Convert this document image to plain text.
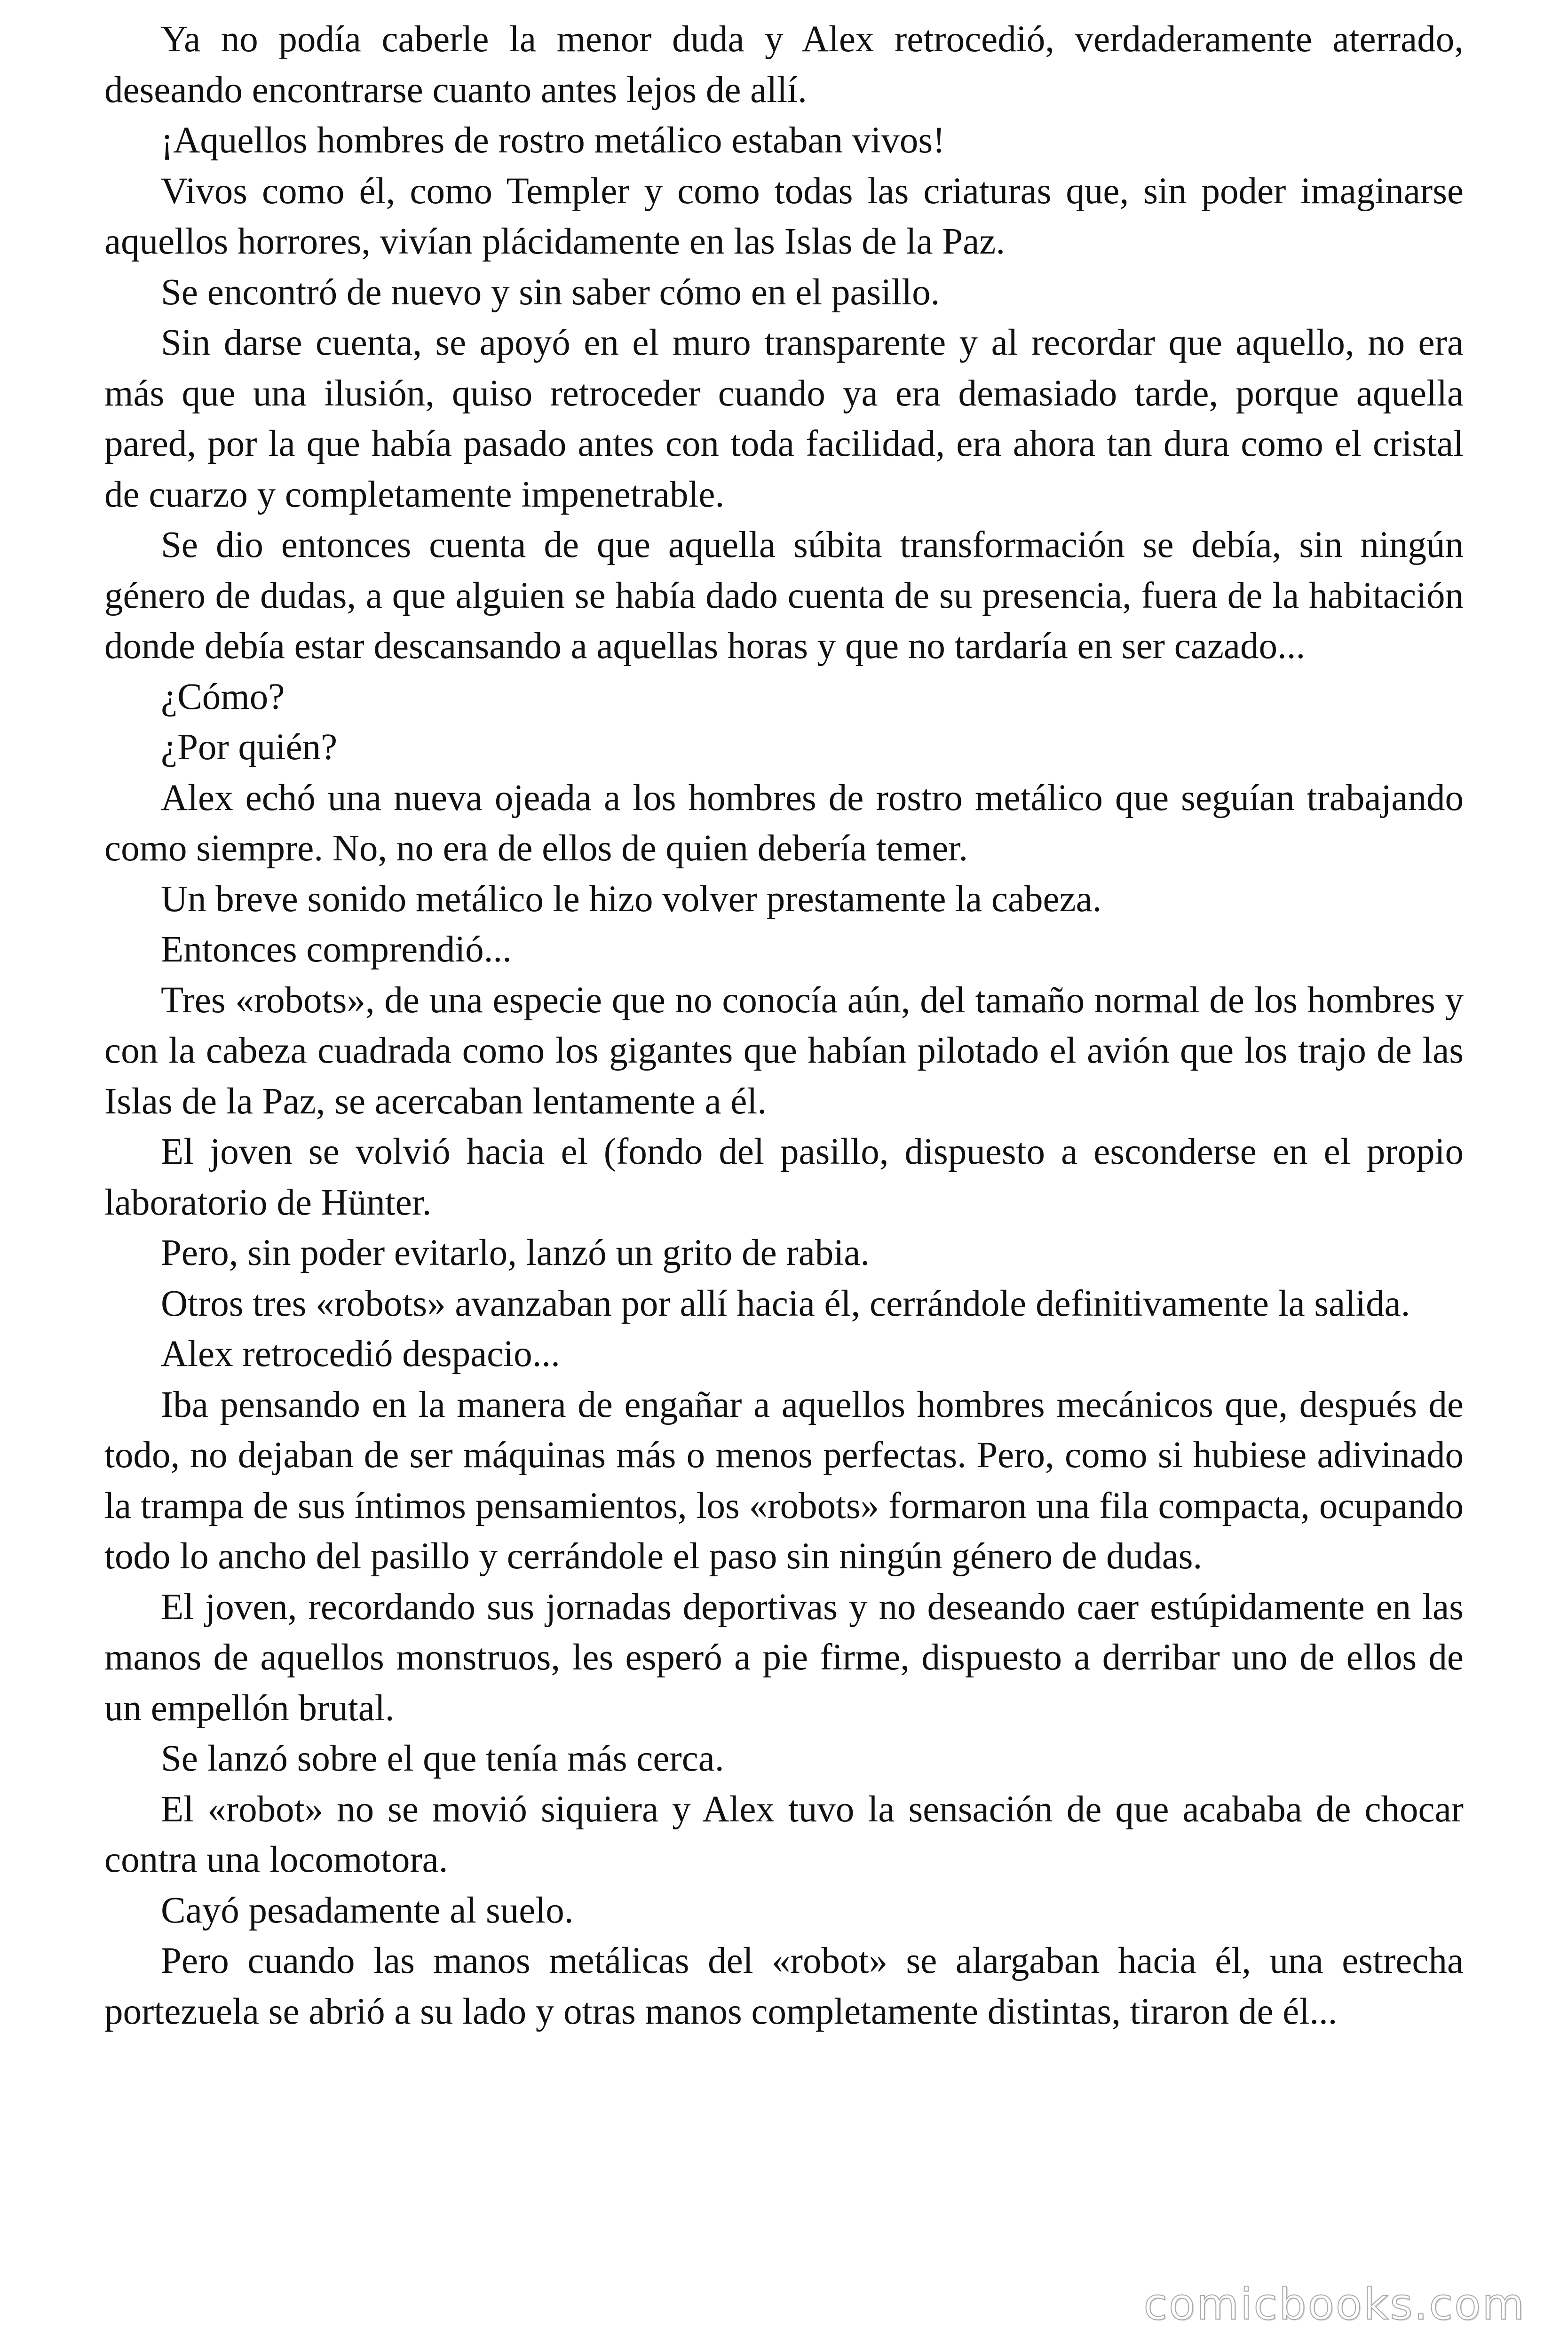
Ya no podía caberle la menor duda y Alex retrocedió, verdaderamente aterrado, deseando encontrarse cuanto antes lejos de allí.

¡Aquellos hombres de rostro metálico estaban vivos!

Vivos como él, como Templer y como todas las criaturas que, sin poder imaginarse aquellos horrores, vivían plácidamente en las Islas de la Paz.

Se encontró de nuevo y sin saber cómo en el pasillo.

Sin darse cuenta, se apoyó en el muro transparente y al recordar que aquello, no era más que una ilusión, quiso retroceder cuando ya era demasiado tarde, porque aquella pared, por la que había pasado antes con toda facilidad, era ahora tan dura como el cristal de cuarzo y completamente impenetrable.

Se dio entonces cuenta de que aquella súbita transformación se debía, sin ningún género de dudas, a que alguien se había dado cuenta de su presencia, fuera de la habitación donde debía estar descansando a aquellas horas y que no tardaría en ser cazado...

¿Cómo?

¿Por quién?

Alex echó una nueva ojeada a los hombres de rostro metálico que seguían trabajando como siempre. No, no era de ellos de quien debería temer.

Un breve sonido metálico le hizo volver prestamente la cabeza.

Entonces comprendió...

Tres «robots», de una especie que no conocía aún, del tamaño normal de los hombres y con la cabeza cuadrada como los gigantes que habían pilotado el avión que los trajo de las Islas de la Paz, se acercaban lentamente a él.

El joven se volvió hacia el (fondo del pasillo, dispuesto a esconderse en el propio laboratorio de Hünter.

Pero, sin poder evitarlo, lanzó un grito de rabia.

Otros tres «robots» avanzaban por allí hacia él, cerrándole definitivamente la salida.

Alex retrocedió despacio...

Iba pensando en la manera de engañar a aquellos hombres mecánicos que, después de todo, no dejaban de ser máquinas más o menos perfectas. Pero, como si hubiese adivinado la trampa de sus íntimos pensamientos, los «robots» formaron una fila compacta, ocupando todo lo ancho del pasillo y cerrándole el paso sin ningún género de dudas.

El joven, recordando sus jornadas deportivas y no deseando caer estúpidamente en las manos de aquellos monstruos, les esperó a pie firme, dispuesto a derribar uno de ellos de un empellón brutal.

Se lanzó sobre el que tenía más cerca.

El «robot» no se movió siquiera y Alex tuvo la sensación de que acababa de chocar contra una locomotora.

Cayó pesadamente al suelo.

Pero cuando las manos metálicas del «robot» se alargaban hacia él, una estrecha portezuela se abrió a su lado y otras manos completamente distintas, tiraron de él...

comicbooks.com
